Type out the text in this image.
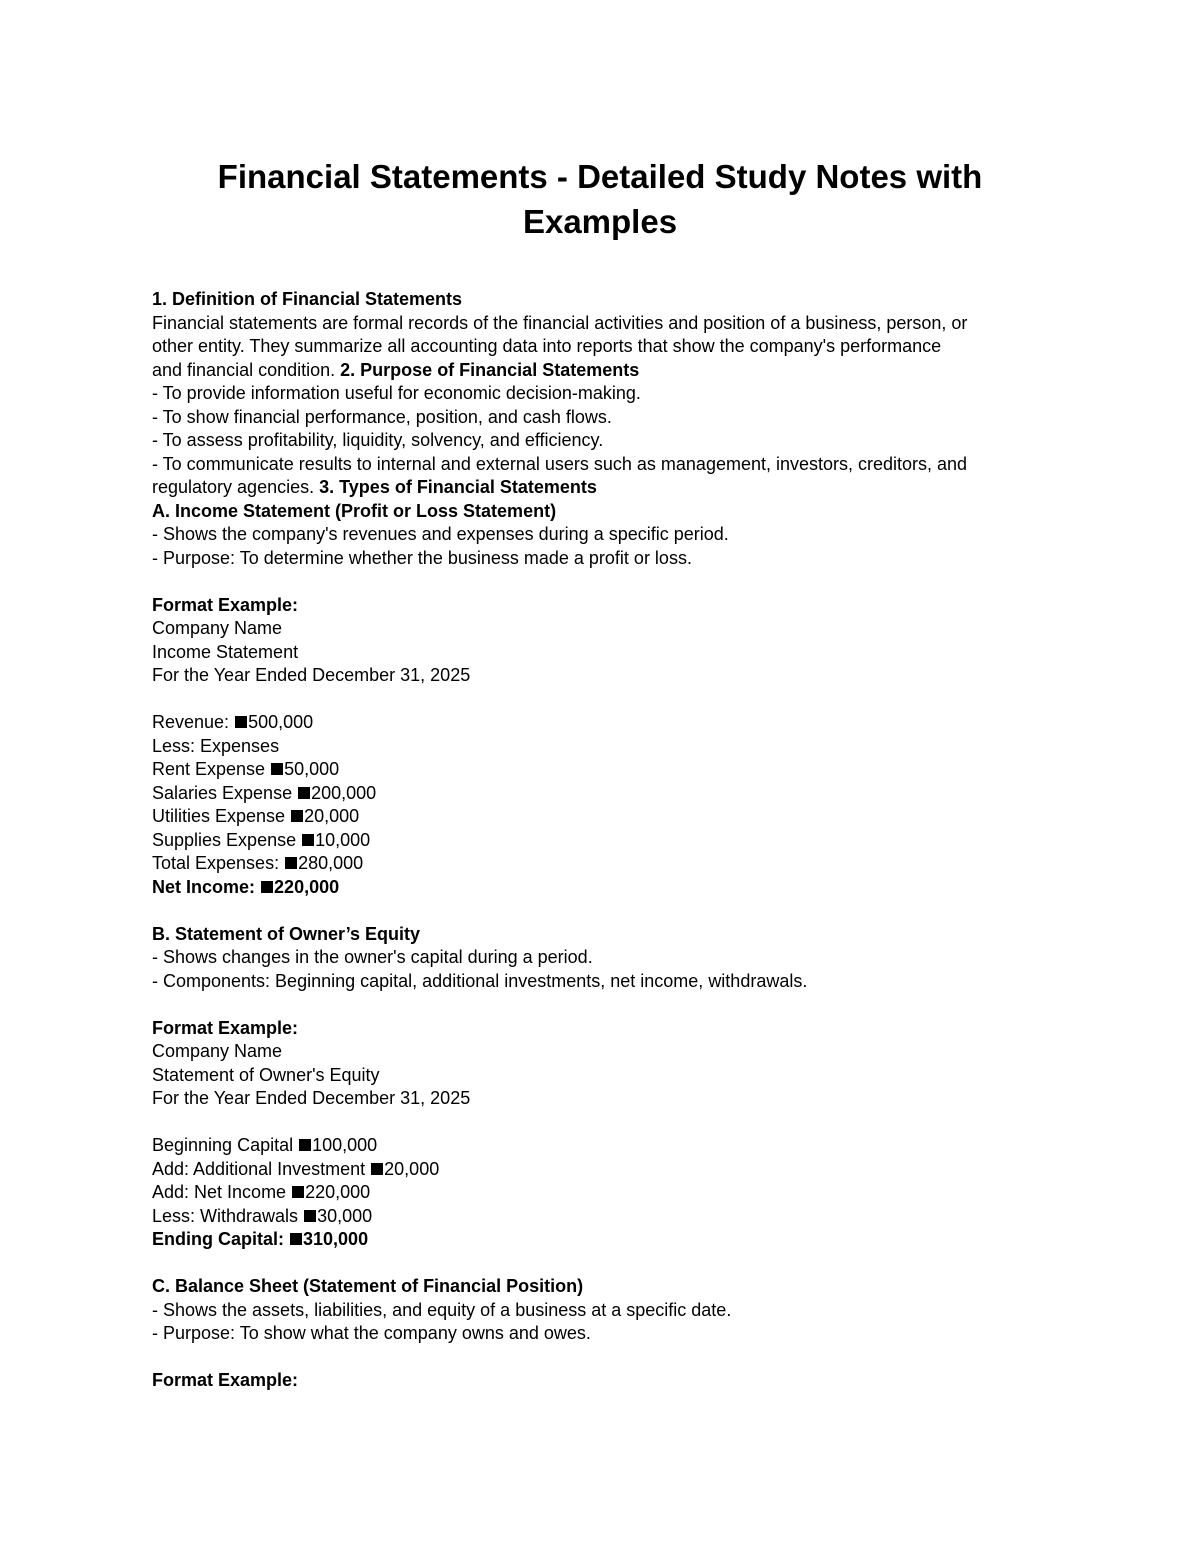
Financial Statements - Detailed Study Notes with Examples
1. Definition of Financial Statements
Financial statements are formal records of the financial activities and position of a business, person, or
other entity. They summarize all accounting data into reports that show the company's performance
and financial condition. 2. Purpose of Financial Statements
- To provide information useful for economic decision-making.
- To show financial performance, position, and cash flows.
- To assess profitability, liquidity, solvency, and efficiency.
- To communicate results to internal and external users such as management, investors, creditors, and
regulatory agencies. 3. Types of Financial Statements
A. Income Statement (Profit or Loss Statement)
- Shows the company's revenues and expenses during a specific period.
- Purpose: To determine whether the business made a profit or loss.
Format Example:
Company Name
Income Statement
For the Year Ended December 31, 2025
Revenue: 500,000
Less: Expenses
Rent Expense 50,000
Salaries Expense 200,000
Utilities Expense 20,000
Supplies Expense 10,000
Total Expenses: 280,000
Net Income: 220,000
B. Statement of Owner’s Equity
- Shows changes in the owner's capital during a period.
- Components: Beginning capital, additional investments, net income, withdrawals.
Format Example:
Company Name
Statement of Owner's Equity
For the Year Ended December 31, 2025
Beginning Capital 100,000
Add: Additional Investment 20,000
Add: Net Income 220,000
Less: Withdrawals 30,000
Ending Capital: 310,000
C. Balance Sheet (Statement of Financial Position)
- Shows the assets, liabilities, and equity of a business at a specific date.
- Purpose: To show what the company owns and owes.
Format Example:
